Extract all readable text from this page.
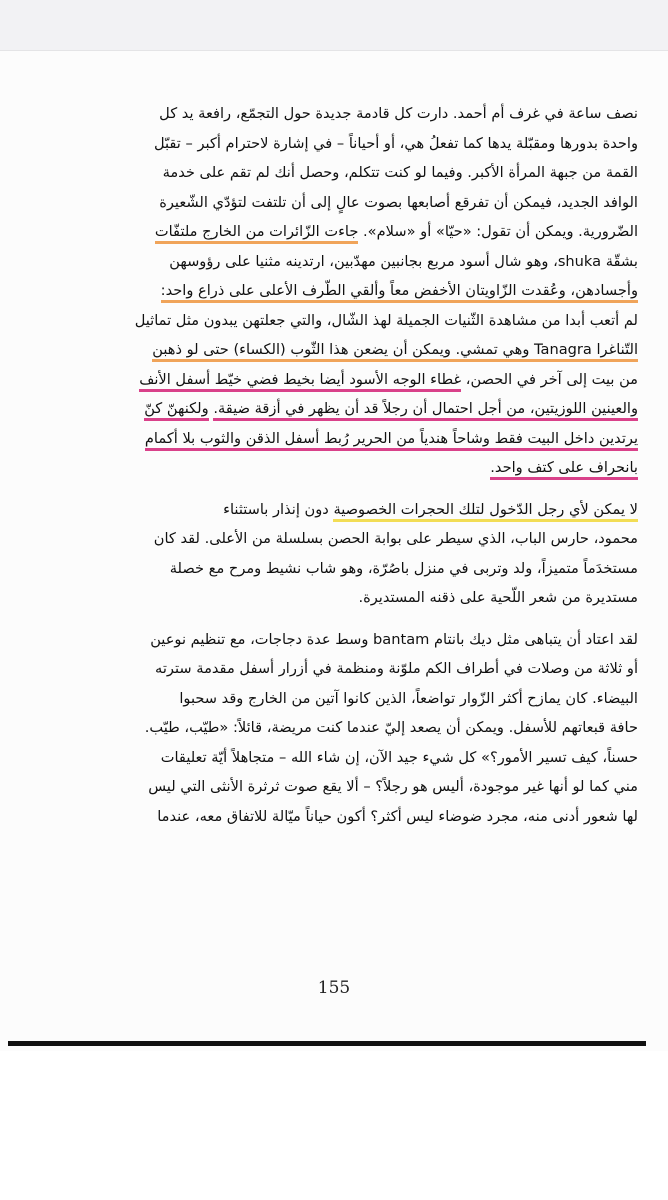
نصف ساعة في غرف أم أحمد. دارت كل قادمة جديدة حول التجمّع، رافعة يد كل
واحدة بدورها ومقبّلة يدها كما تفعلُ هي، أو أحياناً – في إشارة لاحترام أكبر – تقبّل
القمة من جبهة المرأة الأكبر. وفيما لو كنت تتكلم، وحصل أنك لم تقم على خدمة
الوافد الجديد، فيمكن أن تفرقع أصابعها بصوت عالٍ إلى أن تلتفت لتؤدّي الشّعيرة
الضّرورية. ويمكن أن تقول: «حيّا» أو «سلام». جاءت الزّائرات من الخارج ملتفّات
بشقّة shuka، وهو شال أسود مربع بجانبين مهدّبين، ارتدينه مثنيا على رؤوسهن
وأجسادهن، وعُقدت الزّاويتان الأخفض معاً وألقي الطّرف الأعلى على ذراع واحد:
لم أتعب أبدا من مشاهدة الثّنيات الجميلة لهذ الشّال، والتي جعلتهن يبدون مثل تماثيل
التّناغرا Tanagra وهي تمشي. ويمكن أن يضعن هذا الثّوب (الكساء) حتى لو ذهبن
من بيت إلى آخر في الحصن، غطاء الوجه الأسود أيضا بخيط فضي خيّط أسفل الأنف
والعينين اللوزيتين، من أجل احتمال أن رجلاً قد أن يظهر في أزقة ضيقة. ولكنهنّ كنّ
يرتدين داخل البيت فقط وشاحاً هندياً من الحرير رُبط أسفل الذقن والثوب بلا أكمام
بانحراف على كتف واحد.
لا يمكن لأي رجل الدّخول لتلك الحجرات الخصوصية دون إنذار باستثناء
محمود، حارس الباب، الذي سيطر على بوابة الحصن بسلسلة من الأعلى. لقد كان
مستخدَماً متميزاً، ولد وتربى في منزل باصُرّة، وهو شاب نشيط ومرح مع خصلة
مستديرة من شعر اللّحية على ذقنه المستديرة.
لقد اعتاد أن يتباهى مثل ديك بانتام bantam وسط عدة دجاجات، مع تنظيم نوعين
أو ثلاثة من وصلات في أطراف الكم ملوّنة ومنظمة في أزرار أسفل مقدمة سترته
البيضاء. كان يمازح أكثر الزّوار تواضعاً، الذين كانوا آتين من الخارج وقد سحبوا
حافة قبعاتهم للأسفل. ويمكن أن يصعد إليّ عندما كنت مريضة، قائلاً: «طيّب، طيّب.
حسناً، كيف تسير الأمور؟» كل شيء جيد الآن، إن شاء الله – متجاهلاً أيّة تعليقات
مني كما لو أنها غير موجودة، أليس هو رجلاً؟ – ألا يقع صوت ثرثرة الأنثى التي ليس
لها شعور أدنى منه، مجرد ضوضاء ليس أكثر؟ أكون حياناً ميّالة للاتفاق معه، عندما
155
